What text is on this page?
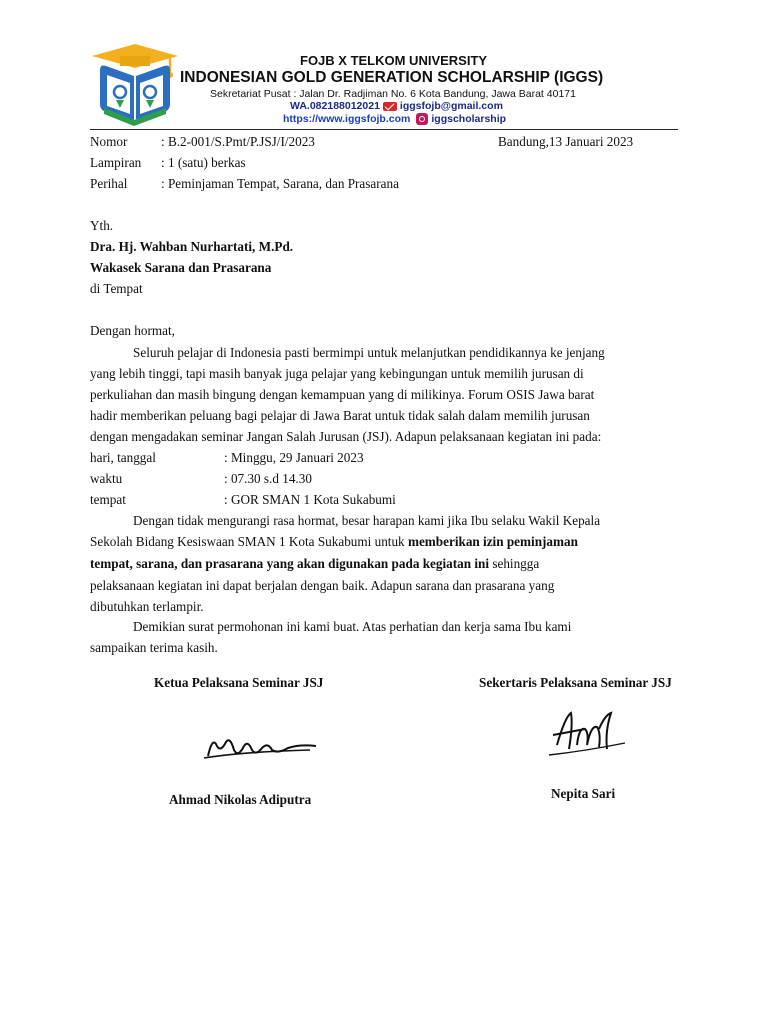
FOJB X TELKOM UNIVERSITY
INDONESIAN GOLD GENERATION SCHOLARSHIP (IGGS)
Sekretariat Pusat : Jalan Dr. Radjiman No. 6 Kota Bandung, Jawa Barat 40171
WA.082188012021 iggsfojb@gmail.com
https://www.iggsfojb.com iggscholarship
Nomor	: B.2-001/S.Pmt/P.JSJ/I/2023	Bandung,13 Januari 2023
Lampiran : 1 (satu) berkas
Perihal	: Peminjaman Tempat, Sarana, dan Prasarana
Yth.
Dra. Hj. Wahban Nurhartati, M.Pd.
Wakasek Sarana dan Prasarana
di Tempat
Dengan hormat,
Seluruh pelajar di Indonesia pasti bermimpi untuk melanjutkan pendidikannya ke jenjang
yang lebih tinggi, tapi masih banyak juga pelajar yang kebingungan untuk memilih jurusan di
perkuliahan dan masih bingung dengan kemampuan yang di milikinya. Forum OSIS Jawa barat
hadir memberikan peluang bagi pelajar di Jawa Barat untuk tidak salah dalam memilih jurusan
dengan mengadakan seminar Jangan Salah Jurusan (JSJ). Adapun pelaksanaan kegiatan ini pada:
hari, tanggal	: Minggu, 29 Januari 2023
waktu	: 07.30 s.d 14.30
tempat	: GOR SMAN 1 Kota Sukabumi
Dengan tidak mengurangi rasa hormat, besar harapan kami jika Ibu selaku Wakil Kepala
Sekolah Bidang Kesiswaan SMAN 1 Kota Sukabumi untuk memberikan izin peminjaman
tempat, sarana, dan prasarana yang akan digunakan pada kegiatan ini sehingga
pelaksanaan kegiatan ini dapat berjalan dengan baik. Adapun sarana dan prasarana yang
dibutuhkan terlampir.
Demikian surat permohonan ini kami buat. Atas perhatian dan kerja sama Ibu kami
sampaikan terima kasih.
Ketua Pelaksana Seminar JSJ	Sekertaris Pelaksana Seminar JSJ
Ahmad Nikolas Adiputra	Nepita Sari
